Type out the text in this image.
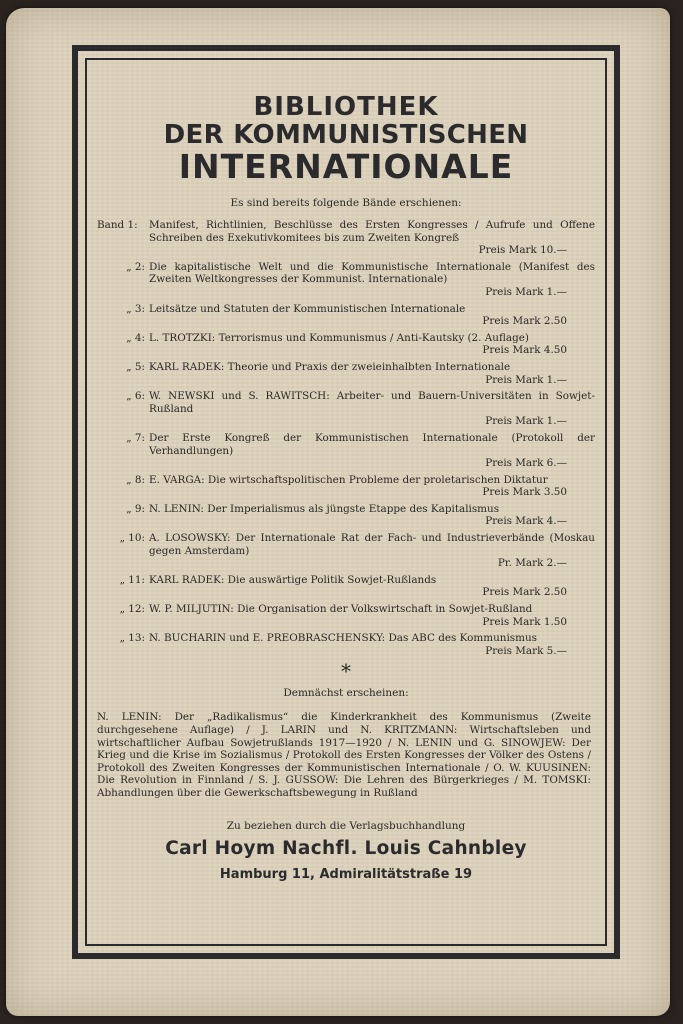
BIBLIOTHEK
DER KOMMUNISTISCHEN
INTERNATIONALE
Es sind bereits folgende Bände erschienen:
Band 1:	Manifest, Richtlinien, Beschlüsse des Ersten Kongresses / Aufrufe und Offene Schreiben des Exekutivkomitees bis zum Zweiten Kongreß
Preis Mark 10.—
„ 2: Die kapitalistische Welt und die Kommunistische Internationale (Manifest des Zweiten Weltkongresses der Kommunist. Internationale)
Preis Mark 1.—
„ 3: Leitsätze und Statuten der Kommunistischen Internationale
Preis Mark 2.50
„ 4: L. TROTZKI: Terrorismus und Kommunismus / Anti-Kautsky (2. Auflage)
Preis Mark 4.50
„ 5: KARL RADEK: Theorie und Praxis der zweieinhalbten Internationale
Preis Mark 1.—
„ 6: W. NEWSKI und S. RAWITSCH: Arbeiter- und Bauern-Universitäten in Sowjet-Rußland
Preis Mark 1.—
„ 7: Der Erste Kongreß der Kommunistischen Internationale (Protokoll der Verhandlungen)
Preis Mark 6.—
„ 8: E. VARGA: Die wirtschaftspolitischen Probleme der proletarischen Diktatur
Preis Mark 3.50
„ 9: N. LENIN: Der Imperialismus als jüngste Etappe des Kapitalismus
Preis Mark 4.—
„ 10: A. LOSOWSKY: Der Internationale Rat der Fach- und Industrieverbände (Moskau gegen Amsterdam)
Pr. Mark 2.—
„ 11: KARL RADEK: Die auswärtige Politik Sowjet-Rußlands
Preis Mark 2.50
„ 12: W. P. MILJUTIN: Die Organisation der Volkswirtschaft in Sowjet-Rußland
Preis Mark 1.50
„ 13: N. BUCHARIN und E. PREOBRASCHENSKY: Das ABC des Kommunismus
Preis Mark 5.—
*
Demnächst erscheinen:
N. LENIN: Der „Radikalismus“ die Kinderkrankheit des Kommunismus (Zweite durchgesehene Auflage) / J. LARIN und N. KRITZMANN: Wirtschaftsleben und wirtschaftlicher Aufbau Sowjetrußlands 1917—1920 / N. LENIN und G. SINOWJEW: Der Krieg und die Krise im Sozialismus / Protokoll des Ersten Kongresses der Völker des Ostens / Protokoll des Zweiten Kongresses der Kommunistischen Internationale / O. W. KUUSINEN: Die Revolution in Finnland / S. J. GUSSOW: Die Lehren des Bürgerkrieges / M. TOMSKI: Abhandlungen über die Gewerkschaftsbewegung in Rußland
Zu beziehen durch die Verlagsbuchhandlung
Carl Hoym Nachfl. Louis Cahnbley
Hamburg 11, Admiralitätstraße 19
